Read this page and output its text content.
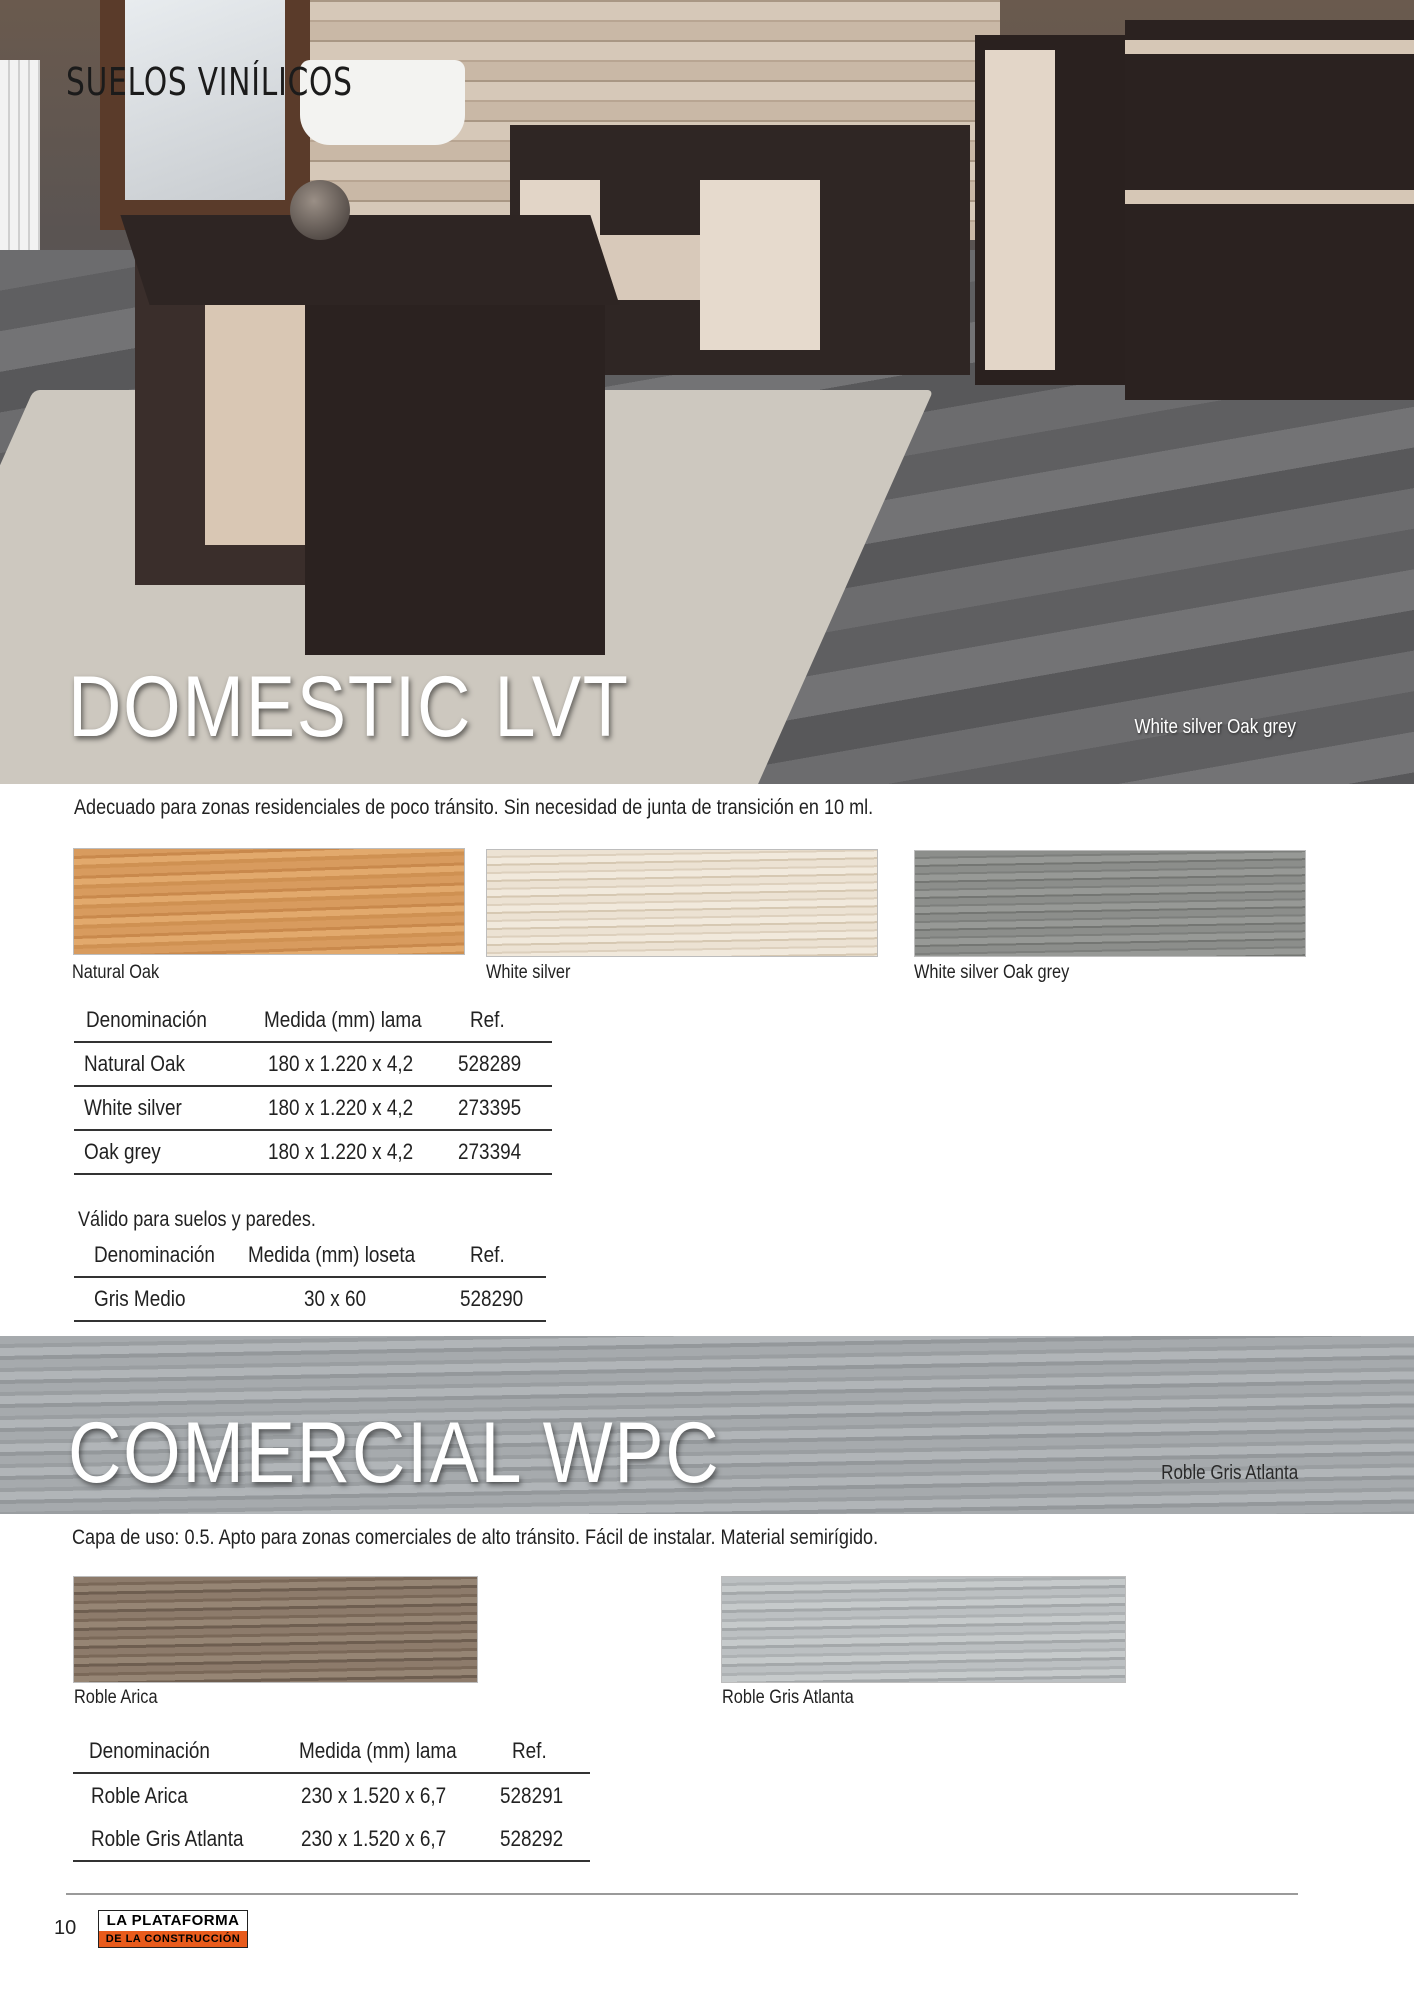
SUELOS VINÍLICOS
DOMESTIC LVT	White silver Oak grey
Adecuado para zonas residenciales de poco tránsito. Sin necesidad de junta de transición en 10 ml.
Natural Oak	White silver	White silver Oak grey
Denominación	Medida (mm) lama	Ref.
Natural Oak	180 x 1.220 x 4,2	528289
White silver	180 x 1.220 x 4,2	273395
Oak grey	180 x 1.220 x 4,2	273394
Válido para suelos y paredes.
Denominación	Medida (mm) loseta	Ref.
Gris Medio	30 x 60	528290
COMERCIAL WPC	Roble Gris Atlanta
Capa de uso: 0.5. Apto para zonas comerciales de alto tránsito. Fácil de instalar. Material semirígido.
Roble Arica	Roble Gris Atlanta
Denominación	Medida (mm) lama	Ref.
Roble Arica	230 x 1.520 x 6,7	528291
Roble Gris Atlanta	230 x 1.520 x 6,7	528292
10	LA PLATAFORMA
DE LA CONSTRUCCIÓN
